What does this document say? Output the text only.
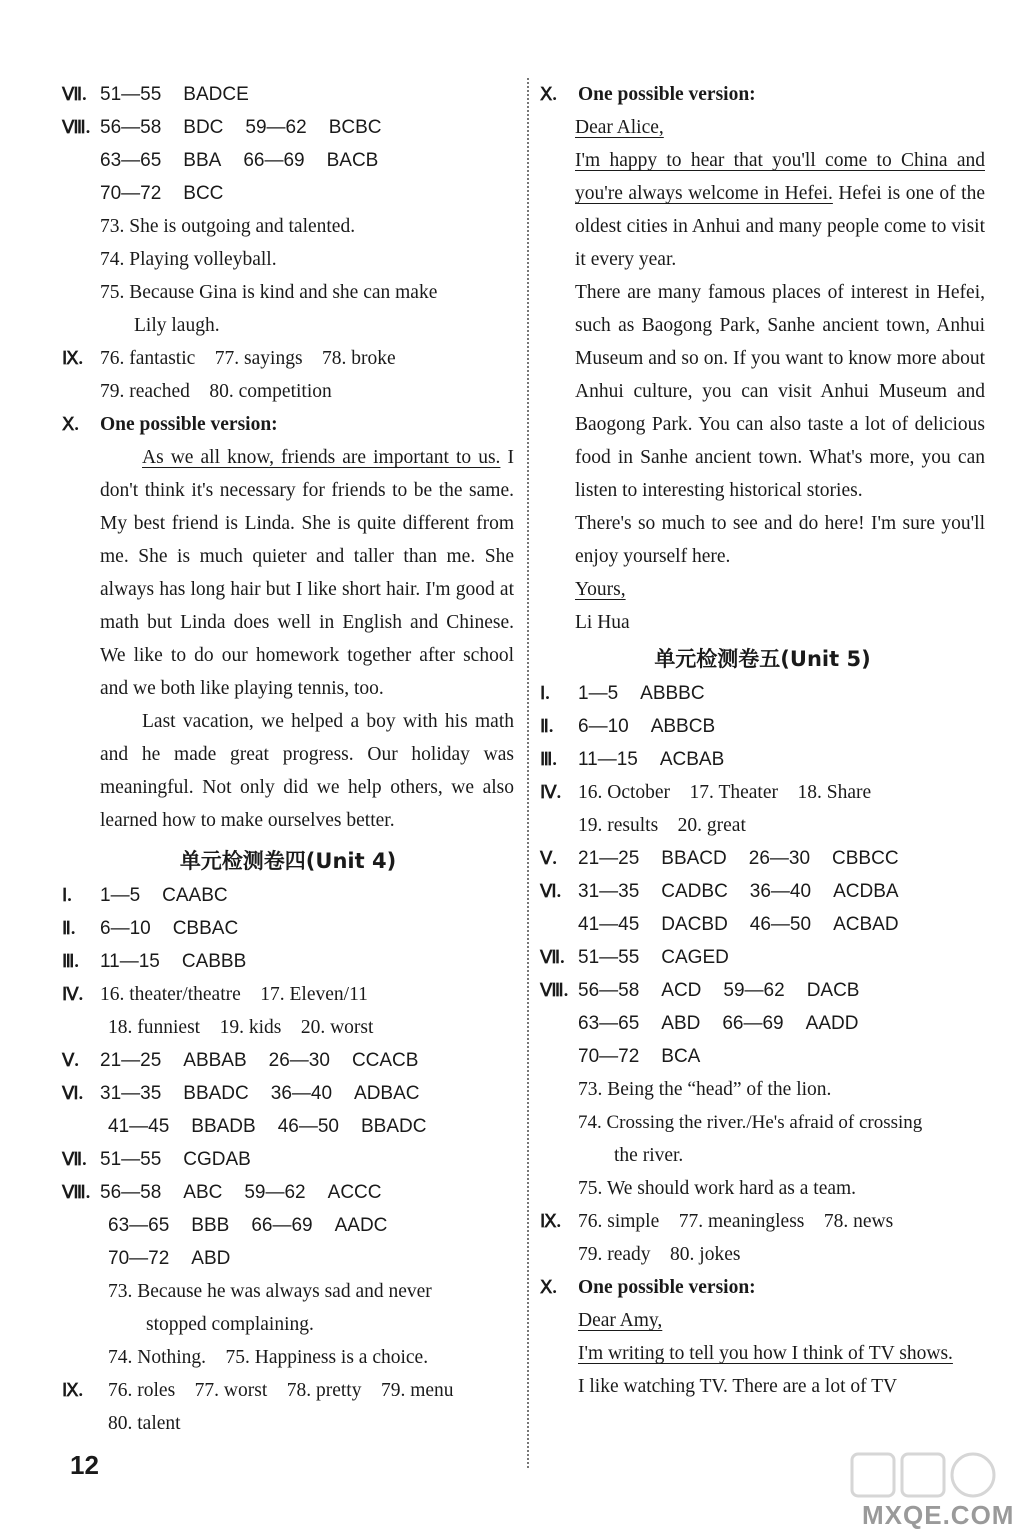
Ⅶ. 51—55 BADCE
Ⅷ. 56—58 BDC 59—62 BCBC
63—65 BBA 66—69 BACB
70—72 BCC
73. She is outgoing and talented.
74. Playing volleyball.
75. Because Gina is kind and she can make
Lily laugh.
Ⅸ. 76. fantastic    77. sayings    78. broke
79. reached    80. competition
Ⅹ. One possible version:
As we all know, friends are important to us. I don't think it's necessary for friends to be the same. My best friend is Linda. She is quite different from me. She is much quieter and taller than me. She always has long hair but I like short hair. I'm good at math but Linda does well in English and Chinese. We like to do our homework together after school and we both like playing tennis, too.
Last vacation, we helped a boy with his math and he made great progress. Our holiday was meaningful. Not only did we help others, we also learned how to make ourselves better.
单元检测卷四(Unit 4)
Ⅰ. 1—5 CAABC
Ⅱ. 6—10 CBBAC
Ⅲ. 11—15 CABBB
Ⅳ. 16. theater/theatre    17. Eleven/11
18. funniest    19. kids    20. worst
Ⅴ. 21—25 ABBAB 26—30 CCACB
Ⅵ. 31—35 BBADC 36—40 ADBAC
41—45 BBADB 46—50 BBADC
Ⅶ. 51—55 CGDAB
Ⅷ. 56—58 ABC 59—62 ACCC
63—65 BBB 66—69 AADC
70—72 ABD
73. Because he was always sad and never
stopped complaining.
74. Nothing.    75. Happiness is a choice.
Ⅸ. 76. roles    77. worst    78. pretty    79. menu
80. talent
Ⅹ. One possible version:
Dear Alice,
I'm happy to hear that you'll come to China and you're always welcome in Hefei. Hefei is one of the oldest cities in Anhui and many people come to visit it every year.
There are many famous places of interest in Hefei, such as Baogong Park, Sanhe ancient town, Anhui Museum and so on. If you want to know more about Anhui culture, you can visit Anhui Museum and Baogong Park. You can also taste a lot of delicious food in Sanhe ancient town. What's more, you can listen to interesting historical stories.
There's so much to see and do here! I'm sure you'll enjoy yourself here.
Yours,
Li Hua
单元检测卷五(Unit 5)
Ⅰ. 1—5 ABBBC
Ⅱ. 6—10 ABBCB
Ⅲ. 11—15 ACBAB
Ⅳ. 16. October    17. Theater    18. Share
19. results    20. great
Ⅴ. 21—25 BBACD 26—30 CBBCC
Ⅵ. 31—35 CADBC 36—40 ACDBA
41—45 DACBD 46—50 ACBAD
Ⅶ. 51—55 CAGED
Ⅷ. 56—58 ACD 59—62 DACB
63—65 ABD 66—69 AADD
70—72 BCA
73. Being the “head” of the lion.
74. Crossing the river./He's afraid of crossing
the river.
75. We should work hard as a team.
Ⅸ. 76. simple    77. meaningless    78. news
79. ready    80. jokes
Ⅹ. One possible version:
Dear Amy,
I'm writing to tell you how I think of TV shows.
I like watching TV. There are a lot of TV
12
MXQE.COM
